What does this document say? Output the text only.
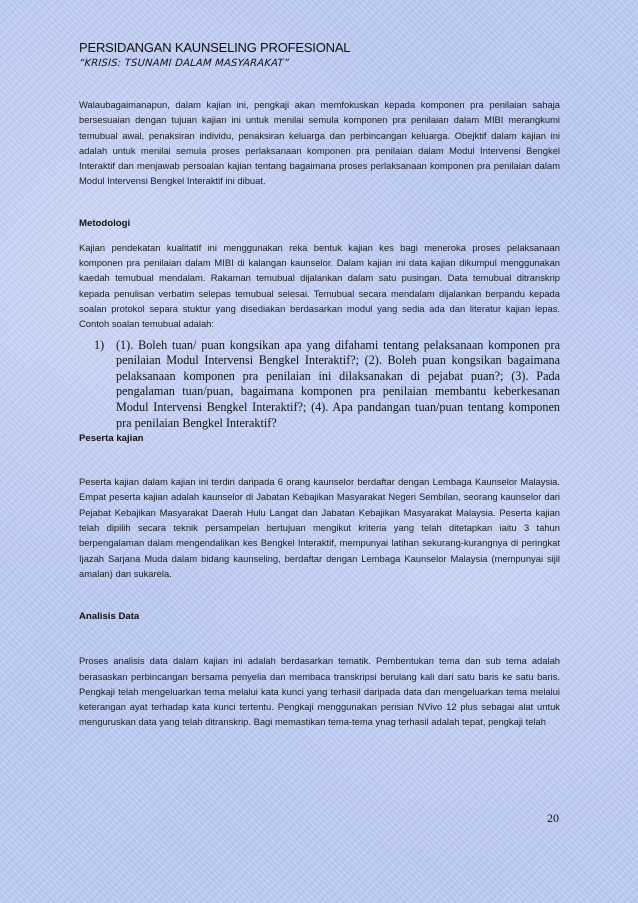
PERSIDANGAN KAUNSELING PROFESIONAL
“KRISIS: TSUNAMI DALAM MASYARAKAT”

Walaubagaimanapun, dalam kajian ini, pengkaji akan memfokuskan kepada komponen pra penilaian sahaja bersesuaian dengan tujuan kajian ini untuk menilai semula komponen pra penilaian dalam MIBI merangkumi temubual awal, penaksiran individu, penaksiran keluarga dan perbincangan keluarga. Obejktif dalam kajian ini adalah untuk menilai semula proses perlaksanaan komponen pra penilaian dalam Modul Intervensi Bengkel Interaktif dan menjawab persoalan kajian tentang bagaimana proses perlaksanaan komponen pra penilaian dalam Modul Intervensi Bengkel Interaktif ini dibuat.

Metodologi

Kajian pendekatan kualitatif ini menggunakan reka bentuk kajian kes bagi meneroka proses pelaksanaan komponen pra penilaian dalam MIBI di kalangan kaunselor. Dalam kajian ini data kajian dikumpul menggunakan kaedah temubual mendalam. Rakaman temubual dijalankan dalam satu pusingan. Data temubual ditranskrip kepada penulisan verbatim selepas temubual selesai. Temubual secara mendalam dijalankan berpandu kepada soalan protokol separa stuktur yang disediakan berdasarkan modul yang sedia ada dan literatur kajian lepas. Contoh soalan temubual adalah:

1) (1). Boleh tuan/ puan kongsikan apa yang difahami tentang pelaksanaan komponen pra penilaian Modul Intervensi Bengkel Interaktif?; (2). Boleh puan kongsikan bagaimana pelaksanaan komponen pra penilaian ini dilaksanakan di pejabat puan?; (3). Pada pengalaman tuan/puan, bagaimana komponen pra penilaian membantu keberkesanan Modul Intervensi Bengkel Interaktif?; (4). Apa pandangan tuan/puan tentang komponen pra penilaian Bengkel Interaktif?
Peserta kajian

Peserta kajian dalam kajian ini terdiri daripada 6 orang kaunselor berdaftar dengan Lembaga Kaunselor Malaysia. Empat peserta kajian adalah kaunselor di Jabatan Kebajikan Masyarakat Negeri Sembilan, seorang kaunselor dari Pejabat Kebajikan Masyarakat Daerah Hulu Langat dan Jabatan Kebajikan Masyarakat Malaysia. Peserta kajian telah dipilih secara teknik persampelan bertujuan mengikut kriteria yang telah ditetapkan iaitu 3 tahun berpengalaman dalam mengendalikan kes Bengkel Interaktif, mempunyai latihan sekurang-kurangnya di peringkat Ijazah Sarjana Muda dalam bidang kaunseling, berdaftar dengan Lembaga Kaunselor Malaysia (mempunyai sijil amalan) dan sukarela.

Analisis Data

Proses analisis data dalam kajian ini adalah berdasarkan tematik. Pembentukan tema dan sub tema adalah berasaskan perbincangan bersama penyelia dan membaca transkripsi berulang kali dari satu baris ke satu baris. Pengkaji telah mengeluarkan tema melalui kata kunci yang terhasil daripada data dan mengeluarkan tema melalui keterangan ayat terhadap kata kunci tertentu. Pengkaji menggunakan perisian NVivo 12 plus sebagai alat untuk menguruskan data yang telah ditranskrip. Bagi memastikan tema-tema ynag terhasil adalah tepat, pengkaji telah

20
